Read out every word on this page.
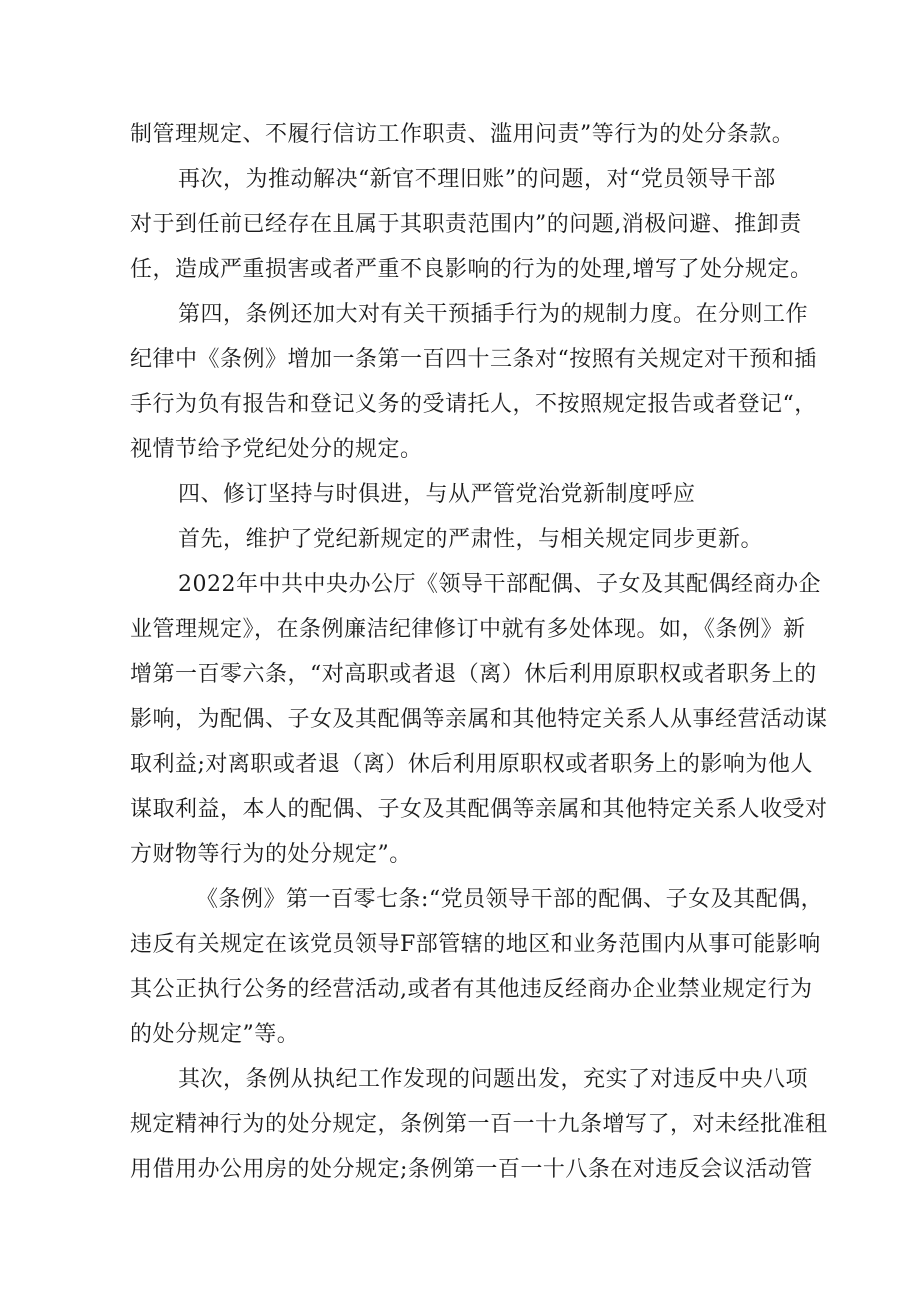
制管理规定、不履行信访工作职责、滥用问责”等行为的处分条款。
再次，为推动解决“新官不理旧账”的问题，对“党员领导干部
对于到任前已经存在且属于其职责范围内”的问题,消极问避、推卸责
任，造成严重损害或者严重不良影响的行为的处理,增写了处分规定。
第四，条例还加大对有关干预插手行为的规制力度。在分则工作
纪律中《条例》增加一条第一百四十三条对“按照有关规定对干预和插
手行为负有报告和登记义务的受请托人，不按照规定报告或者登记“，
视情节给予党纪处分的规定。
四、修订坚持与时俱进，与从严管党治党新制度呼应
首先，维护了党纪新规定的严肃性，与相关规定同步更新。
2022年中共中央办公厅《领导干部配偶、子女及其配偶经商办企
业管理规定》，在条例廉洁纪律修订中就有多处体现。如，《条例》新
增第一百零六条，“对高职或者退（离）休后利用原职权或者职务上的
影响，为配偶、子女及其配偶等亲属和其他特定关系人从事经营活动谋
取利益;对离职或者退（离）休后利用原职权或者职务上的影响为他人
谋取利益，本人的配偶、子女及其配偶等亲属和其他特定关系人收受对
方财物等行为的处分规定”。
《条例》第一百零七条:“党员领导干部的配偶、子女及其配偶，
违反有关规定在该党员领导F部管辖的地区和业务范围内从事可能影响
其公正执行公务的经营活动,或者有其他违反经商办企业禁业规定行为
的处分规定”等。
其次，条例从执纪工作发现的问题出发，充实了对违反中央八项
规定精神行为的处分规定，条例第一百一十九条增写了，对未经批准租
用借用办公用房的处分规定;条例第一百一十八条在对违反会议活动管
